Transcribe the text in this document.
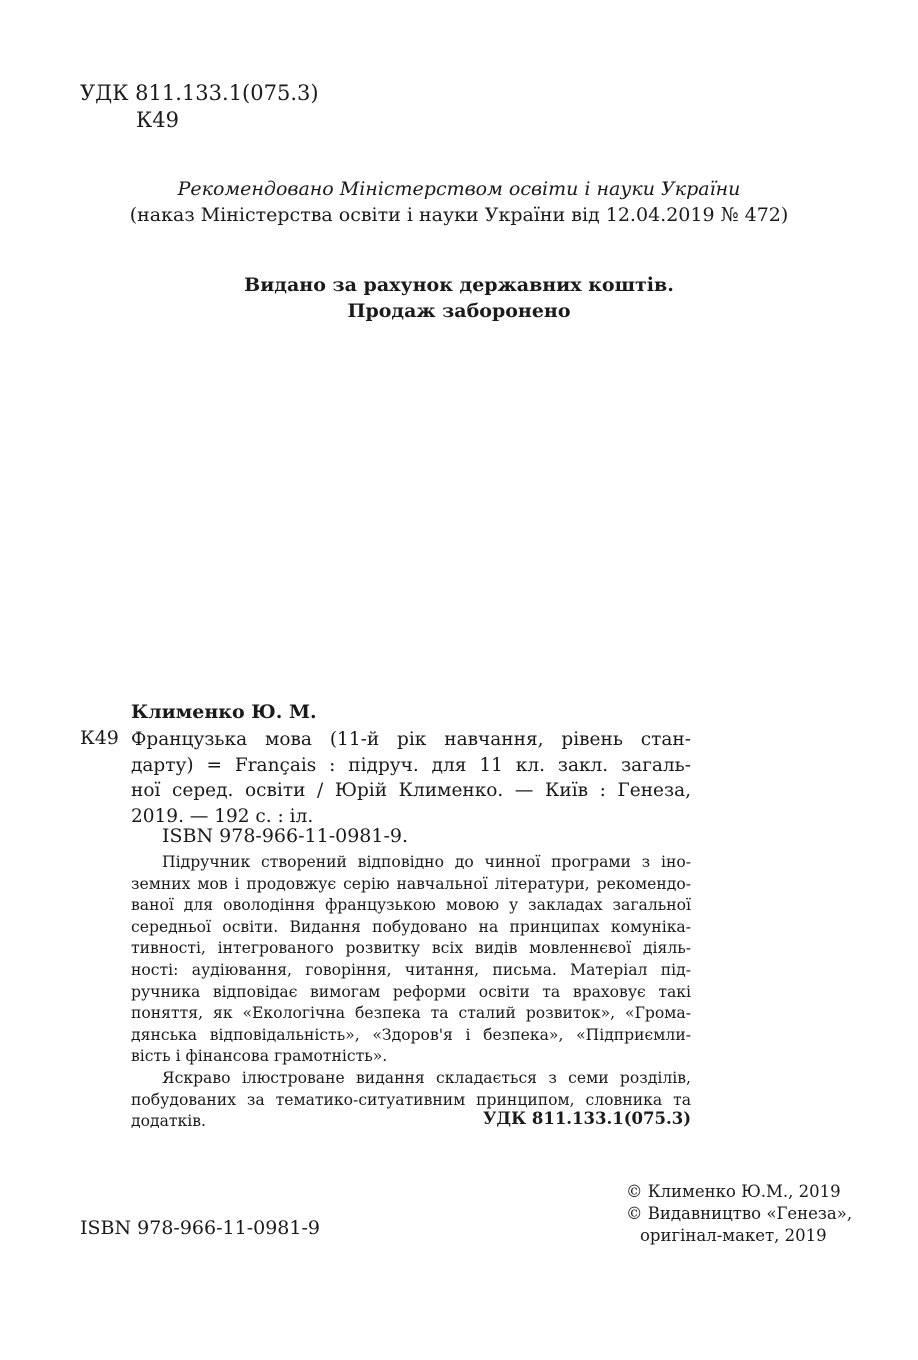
УДК 811.133.1(075.3)
К49
Рекомендовано Міністерством освіти і науки України
(наказ Міністерства освіти і науки України від 12.04.2019 № 472)
Видано за рахунок державних коштів.
Продаж заборонено
Клименко Ю. М.
К49 Французька мова (11-й рік навчання, рівень стан-
дарту) = Français : підруч. для 11 кл. закл. загаль-
ної серед. освіти / Юрій Клименко. — Київ : Генеза,
2019. — 192 с. : іл.
ISBN 978-966-11-0981-9.
Підручник створений відповідно до чинної програми з іно-
земних мов і продовжує серію навчальної літератури, рекомендо-
ваної для оволодіння французькою мовою у закладах загальної
середньої освіти. Видання побудовано на принципах комуніка-
тивності, інтегрованого розвитку всіх видів мовленнєвої діяль-
ності: аудіювання, говоріння, читання, письма. Матеріал під-
ручника відповідає вимогам реформи освіти та враховує такі
поняття, як «Екологічна безпека та сталий розвиток», «Грома-
дянська відповідальність», «Здоров'я і безпека», «Підприємли-
вість і фінансова грамотність».
Яскраво ілюстроване видання складається з семи розділів,
побудованих за тематико-ситуативним принципом, словника та
додатків.	УДК 811.133.1(075.3)
ISBN 978-966-11-0981-9
© Клименко Ю.М., 2019
© Видавництво «Генеза»,
оригінал-макет, 2019
